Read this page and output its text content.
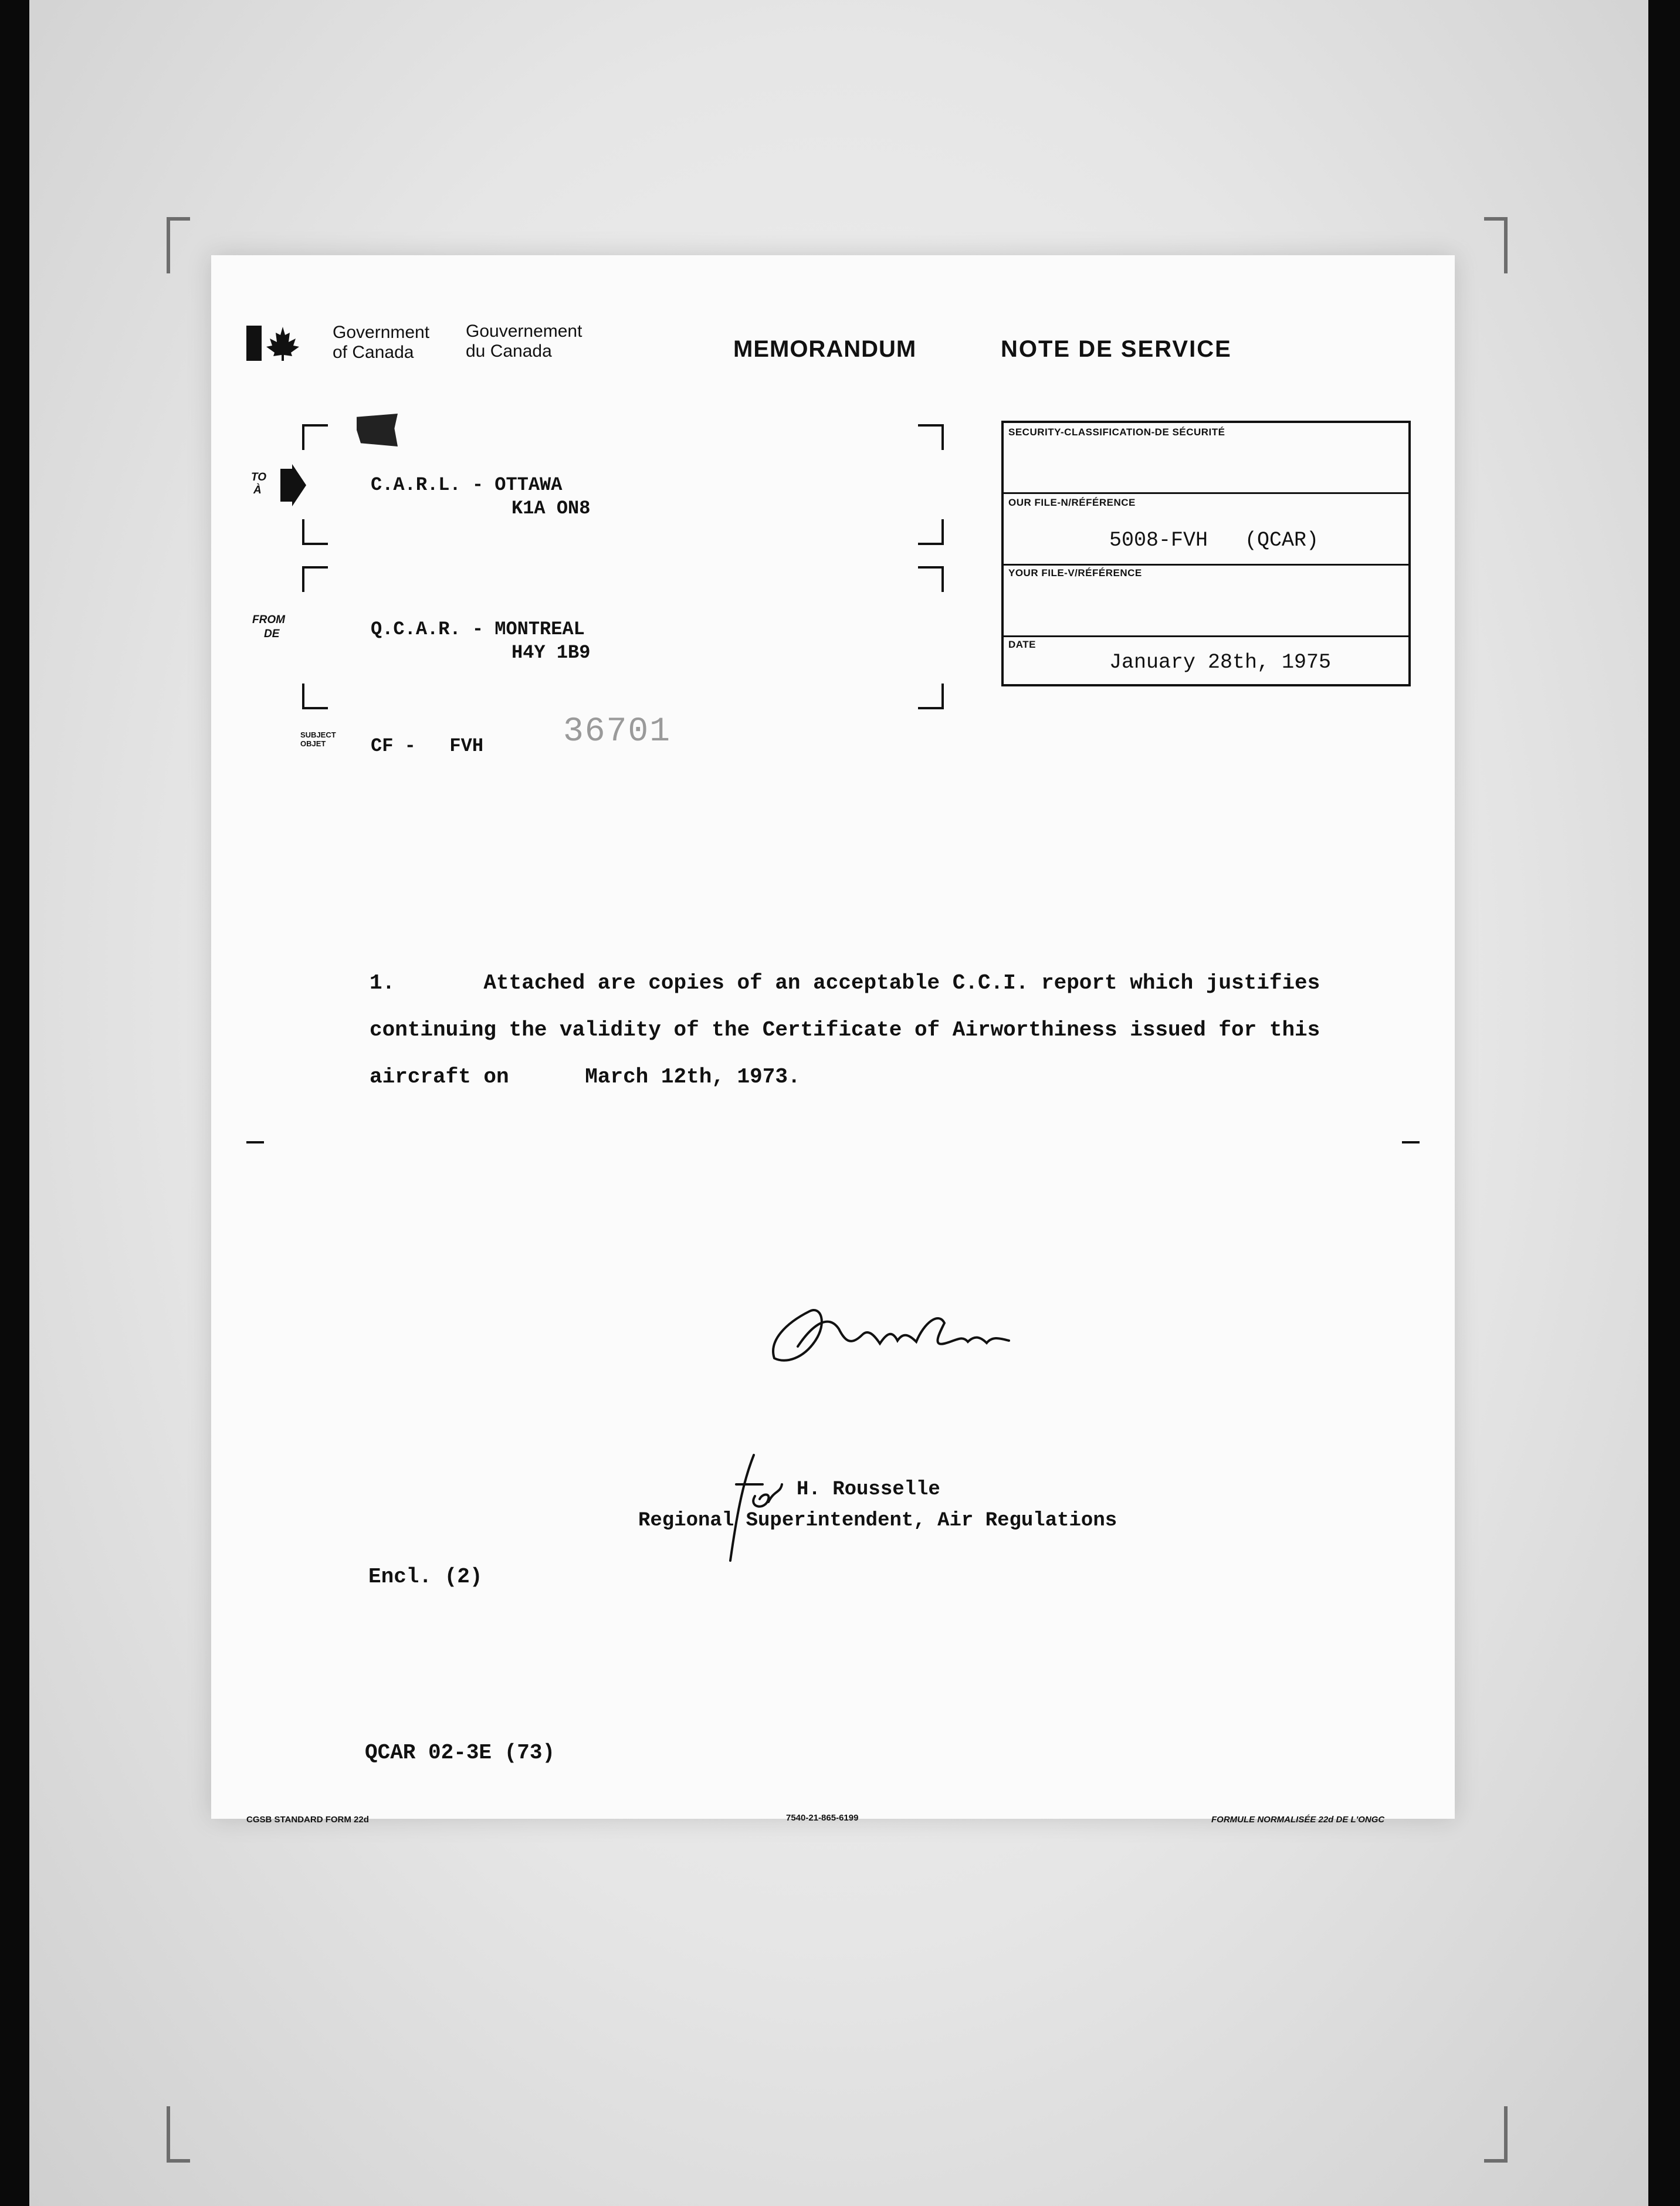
Government
of Canada
Gouvernement
du Canada	MEMORANDUM	NOTE DE SERVICE
TO
À	C.A.R.L. - OTTAWA
K1A ON8
FROM
DE	Q.C.A.R. - MONTREAL
H4Y 1B9
SUBJECT
OBJET	CF -   FVH 36701
SECURITY-CLASSIFICATION-DE SÉCURITÉ
OUR FILE-N/RÉFÉRENCE
5008-FVH   (QCAR)
YOUR FILE-V/RÉFÉRENCE
DATE
January 28th, 1975
1.       Attached are copies of an acceptable C.C.I. report which justifies
continuing the validity of the Certificate of Airworthiness issued for this
aircraft on      March 12th, 1973.
H. Rousselle
Regional Superintendent, Air Regulations
Encl. (2)
QCAR 02-3E (73)
CGSB STANDARD FORM 22d	7540-21-865-6199	FORMULE NORMALISÉE 22d DE L'ONGC
